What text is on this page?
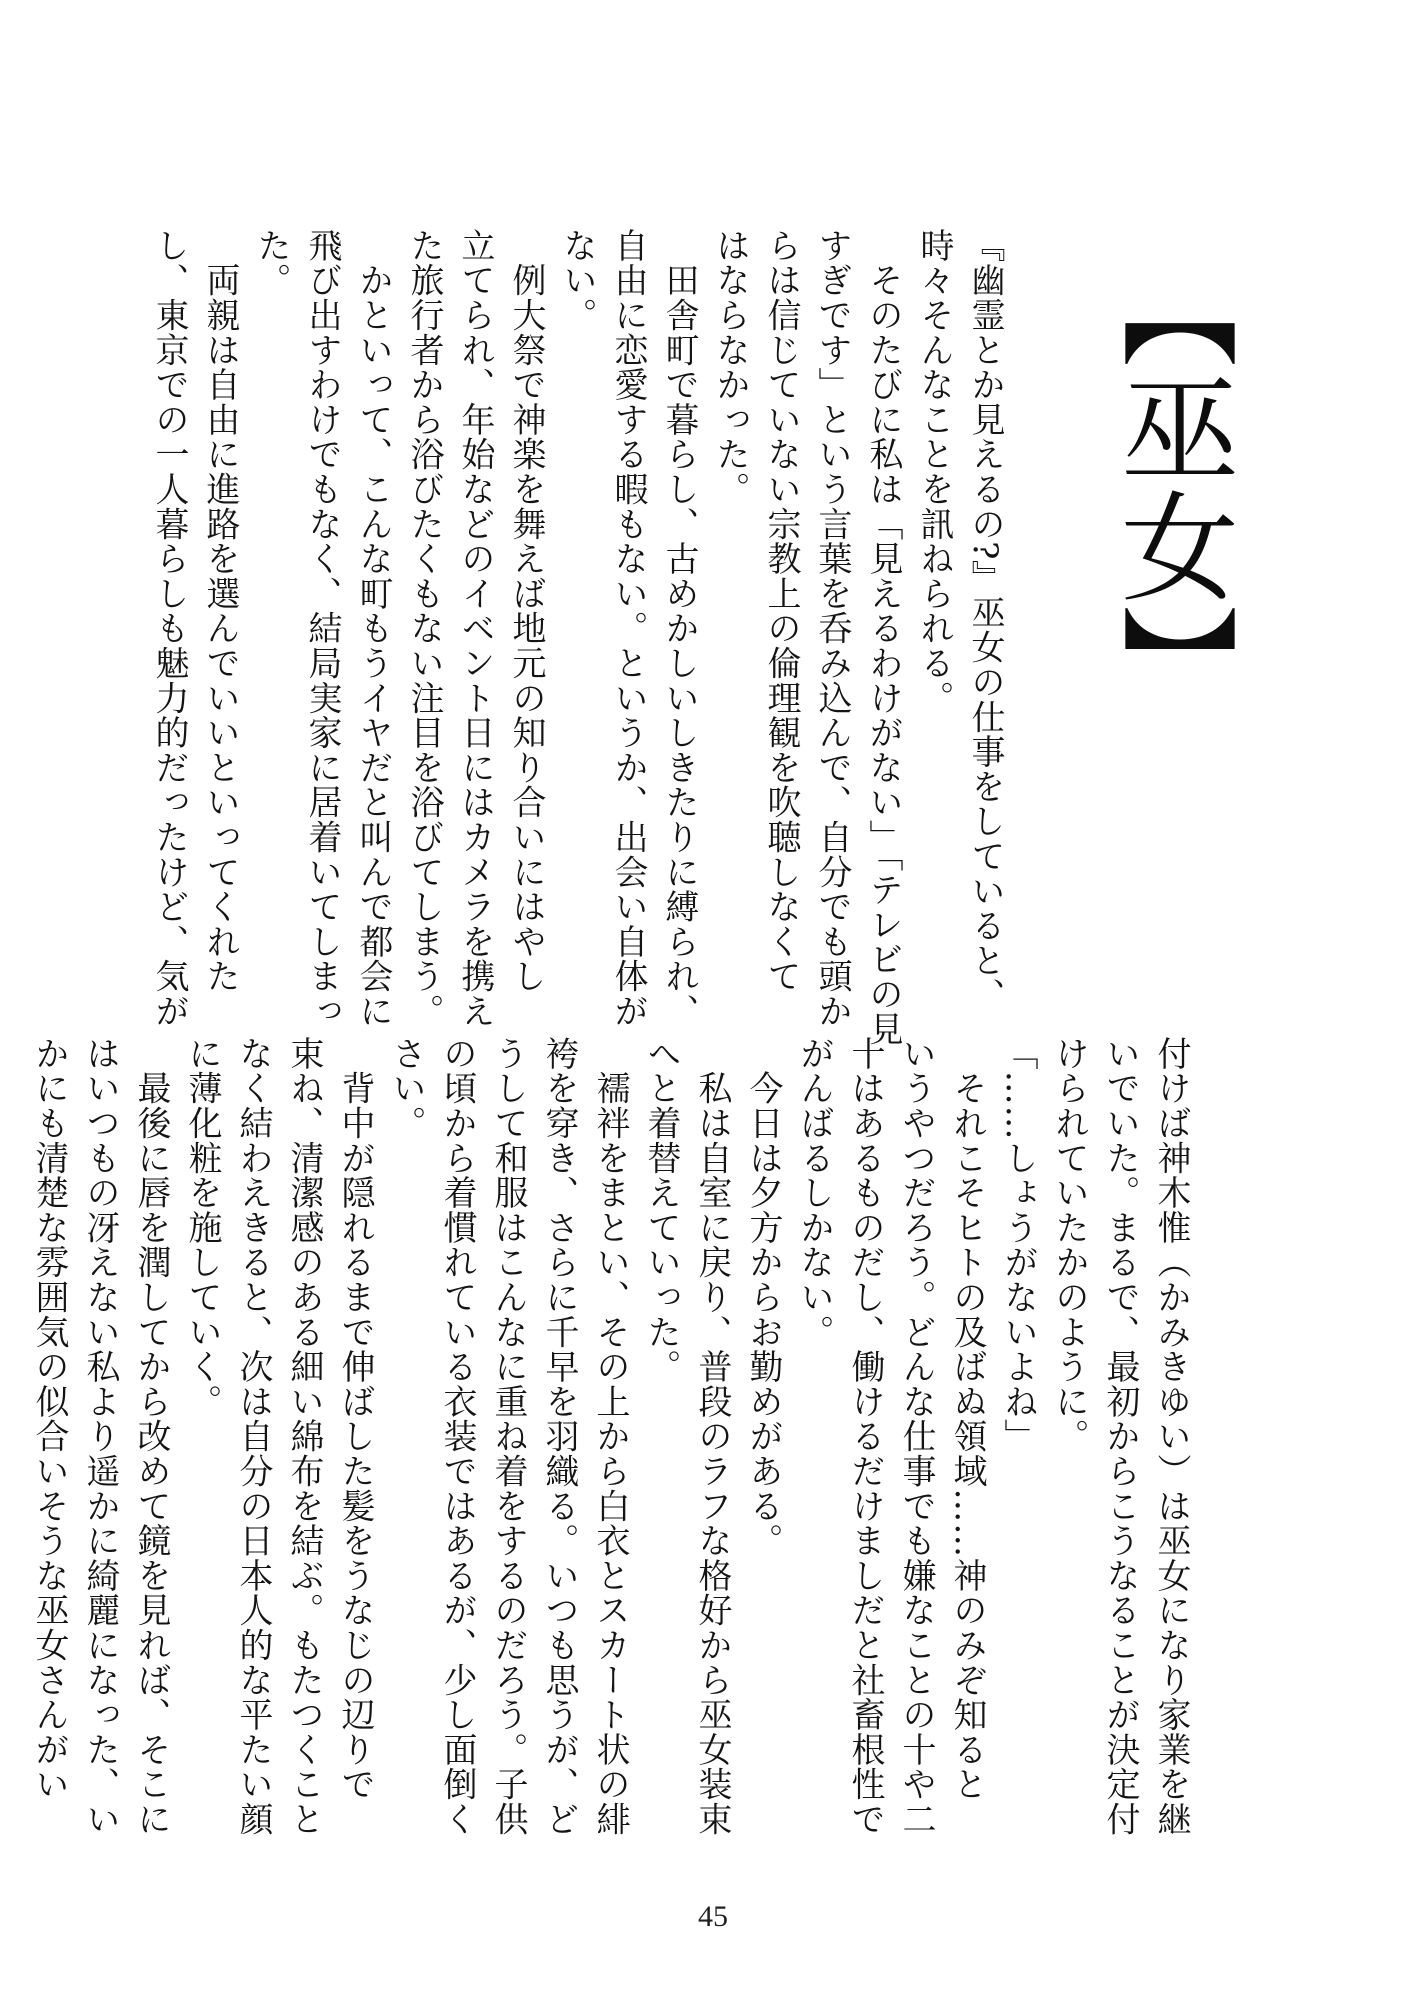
【巫女】
『幽霊とか見えるの?』巫女の仕事をしていると、
時々そんなことを訊ねられる。
　そのたびに私は「見えるわけがない」「テレビの見
すぎです」という言葉を呑み込んで、自分でも頭か
らは信じていない宗教上の倫理観を吹聴しなくて
はならなかった。
　田舎町で暮らし、古めかしいしきたりに縛られ、
自由に恋愛する暇もない。というか、出会い自体が
ない。
　例大祭で神楽を舞えば地元の知り合いにはやし
立てられ、年始などのイベント日にはカメラを携え
た旅行者から浴びたくもない注目を浴びてしまう。
　かといって、こんな町もうイヤだと叫んで都会に
飛び出すわけでもなく、結局実家に居着いてしまっ
た。
　両親は自由に進路を選んでいいといってくれた
し、東京での一人暮らしも魅力的だったけど、気が
付けば神木惟（かみきゆい）は巫女になり家業を継
いでいた。まるで、最初からこうなることが決定付
けられていたかのように。
「……しょうがないよね」
　それこそヒトの及ばぬ領域……神のみぞ知ると
いうやつだろう。どんな仕事でも嫌なことの十や二
十はあるものだし、働けるだけましだと社畜根性で
がんばるしかない。
　今日は夕方からお勤めがある。
　私は自室に戻り、普段のラフな格好から巫女装束
へと着替えていった。
　襦袢をまとい、その上から白衣とスカート状の緋
袴を穿き、さらに千早を羽織る。いつも思うが、ど
うして和服はこんなに重ね着をするのだろう。子供
の頃から着慣れている衣装ではあるが、少し面倒く
さい。
　背中が隠れるまで伸ばした髪をうなじの辺りで
束ね、清潔感のある細い綿布を結ぶ。もたつくこと
なく結わえきると、次は自分の日本人的な平たい顔
に薄化粧を施していく。
　最後に唇を潤してから改めて鏡を見れば、そこに
はいつもの冴えない私より遥かに綺麗になった、い
かにも清楚な雰囲気の似合いそうな巫女さんがい
45
